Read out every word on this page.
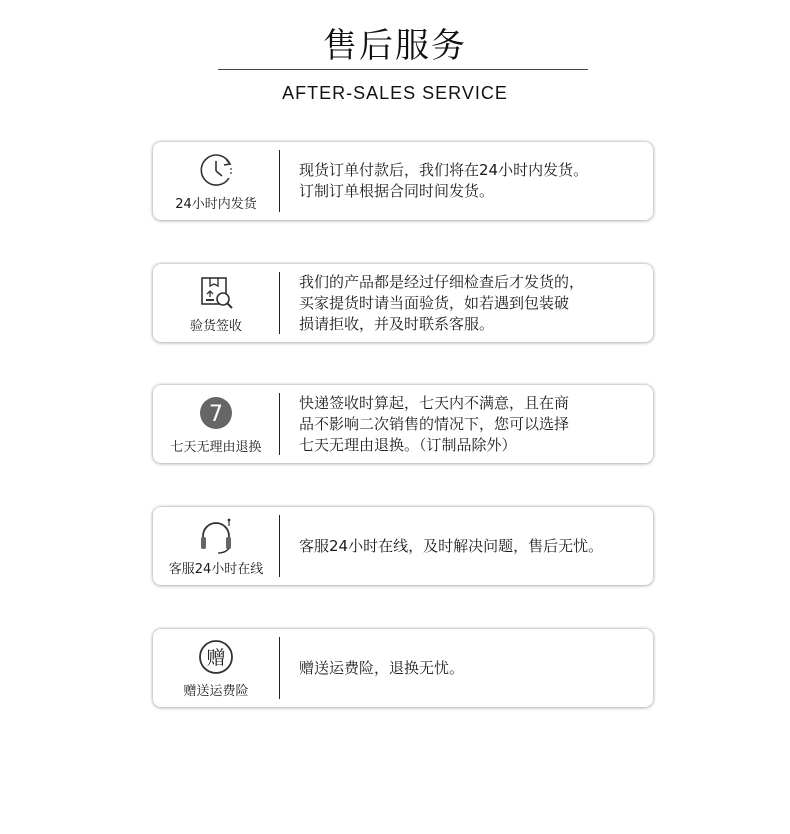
售后服务
AFTER-SALES SERVICE
24小时内发货
现货订单付款后，我们将在24小时内发货。
订制订单根据合同时间发货。
验货签收
我们的产品都是经过仔细检查后才发货的，
买家提货时请当面验货，如若遇到包装破
损请拒收，并及时联系客服。
7
七天无理由退换
快递签收时算起，七天内不满意，且在商
品不影响二次销售的情况下，您可以选择
七天无理由退换。（订制品除外）
客服24小时在线
客服24小时在线，及时解决问题，售后无忧。
赠
赠送运费险
赠送运费险，退换无忧。
